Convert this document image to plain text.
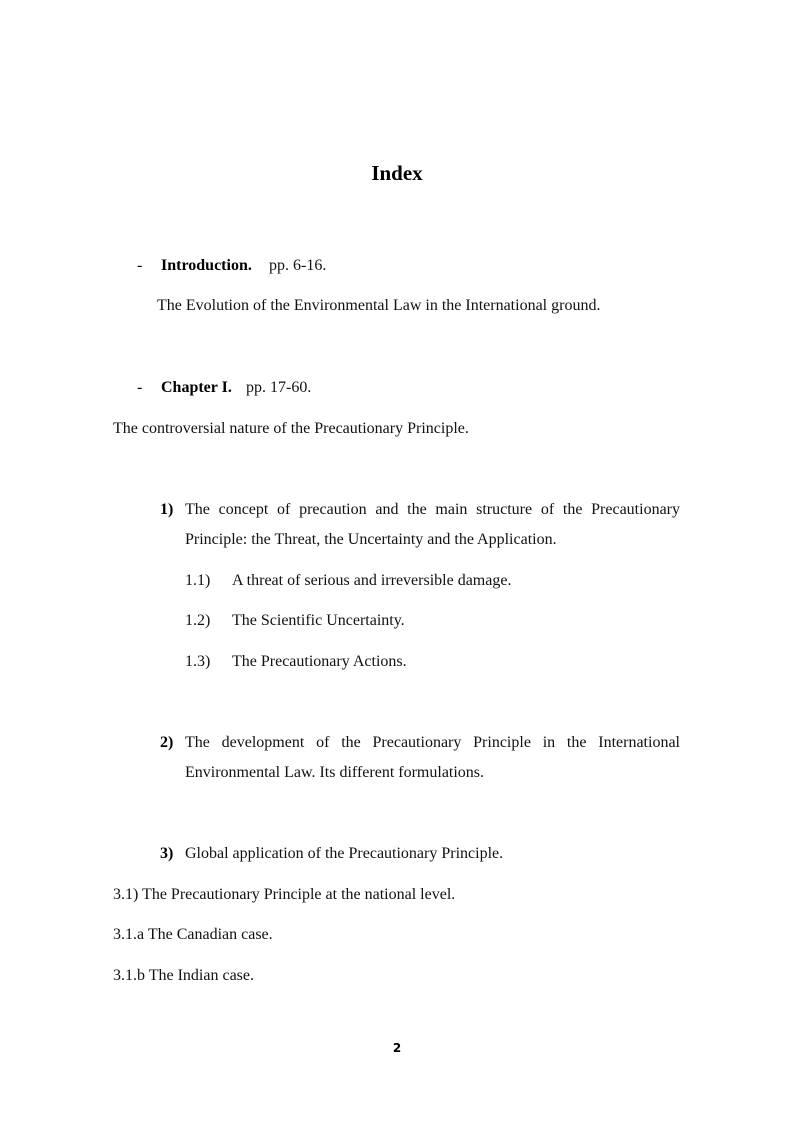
Index
- Introduction. pp. 6-16.
The Evolution of the Environmental Law in the International ground.
- Chapter I. pp. 17-60.
The controversial nature of the Precautionary Principle.
1) The concept of precaution and the main structure of the Precautionary
Principle: the Threat, the Uncertainty and the Application.
1.1) A threat of serious and irreversible damage.
1.2) The Scientific Uncertainty.
1.3) The Precautionary Actions.
2) The development of the Precautionary Principle in the International
Environmental Law. Its different formulations.
3) Global application of the Precautionary Principle.
3.1) The Precautionary Principle at the national level.
3.1.a The Canadian case.
3.1.b The Indian case.
2
